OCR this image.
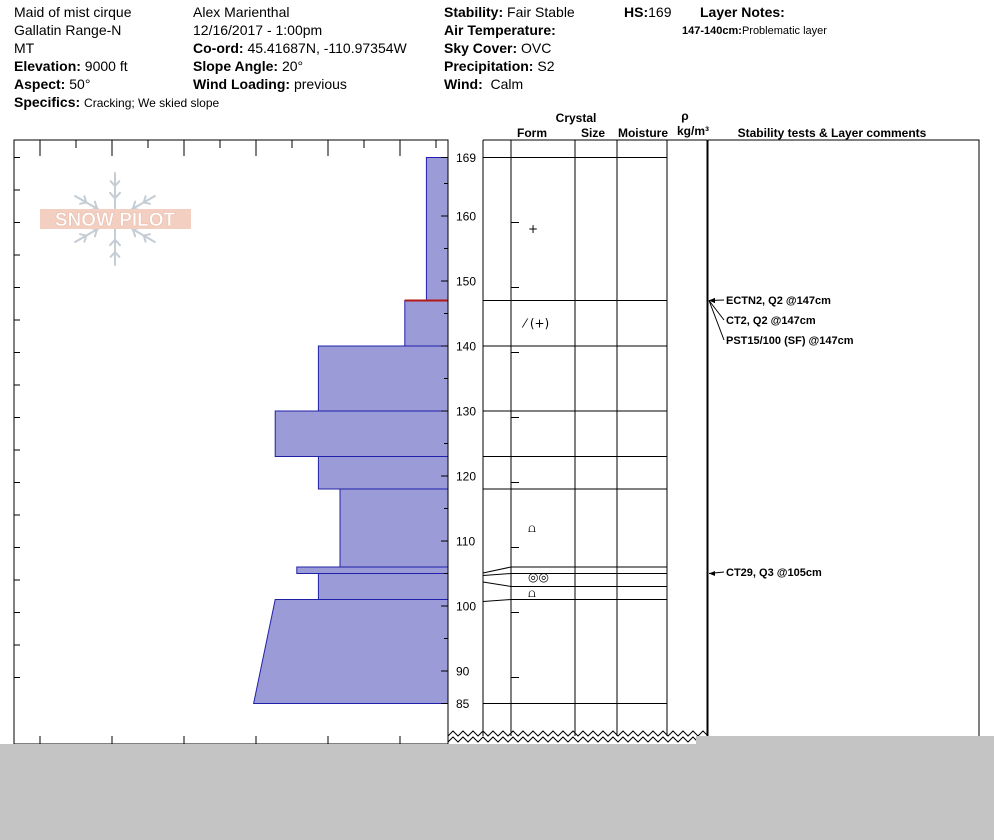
Maid of mist cirque
Gallatin Range-N
MT
Elevation: 9000 ft
Aspect: 50°
Specifics: Cracking; We skied slope
Alex Marienthal
12/16/2017 - 1:00pm
Co-ord: 45.41687N, -110.97354W
Slope Angle: 20°
Wind Loading: previous
Stability: Fair Stable
Air Temperature:
Sky Cover: OVC
Precipitation: S2
Wind: Calm
HS:169 Layer Notes:
147-140cm:Problematic layer
SNOW PILOT
85
90
100
110
120
130
140
150
160
169
+
⁄ (+)
⩍
◎◎
⩍
Crystal
Form	Size Moisture
ρ
kg/m³ Stability tests & Layer comments
ECTN2, Q2 @147cm
CT2, Q2 @147cm
PST15/100 (SF) @147cm
CT29, Q3 @105cm
